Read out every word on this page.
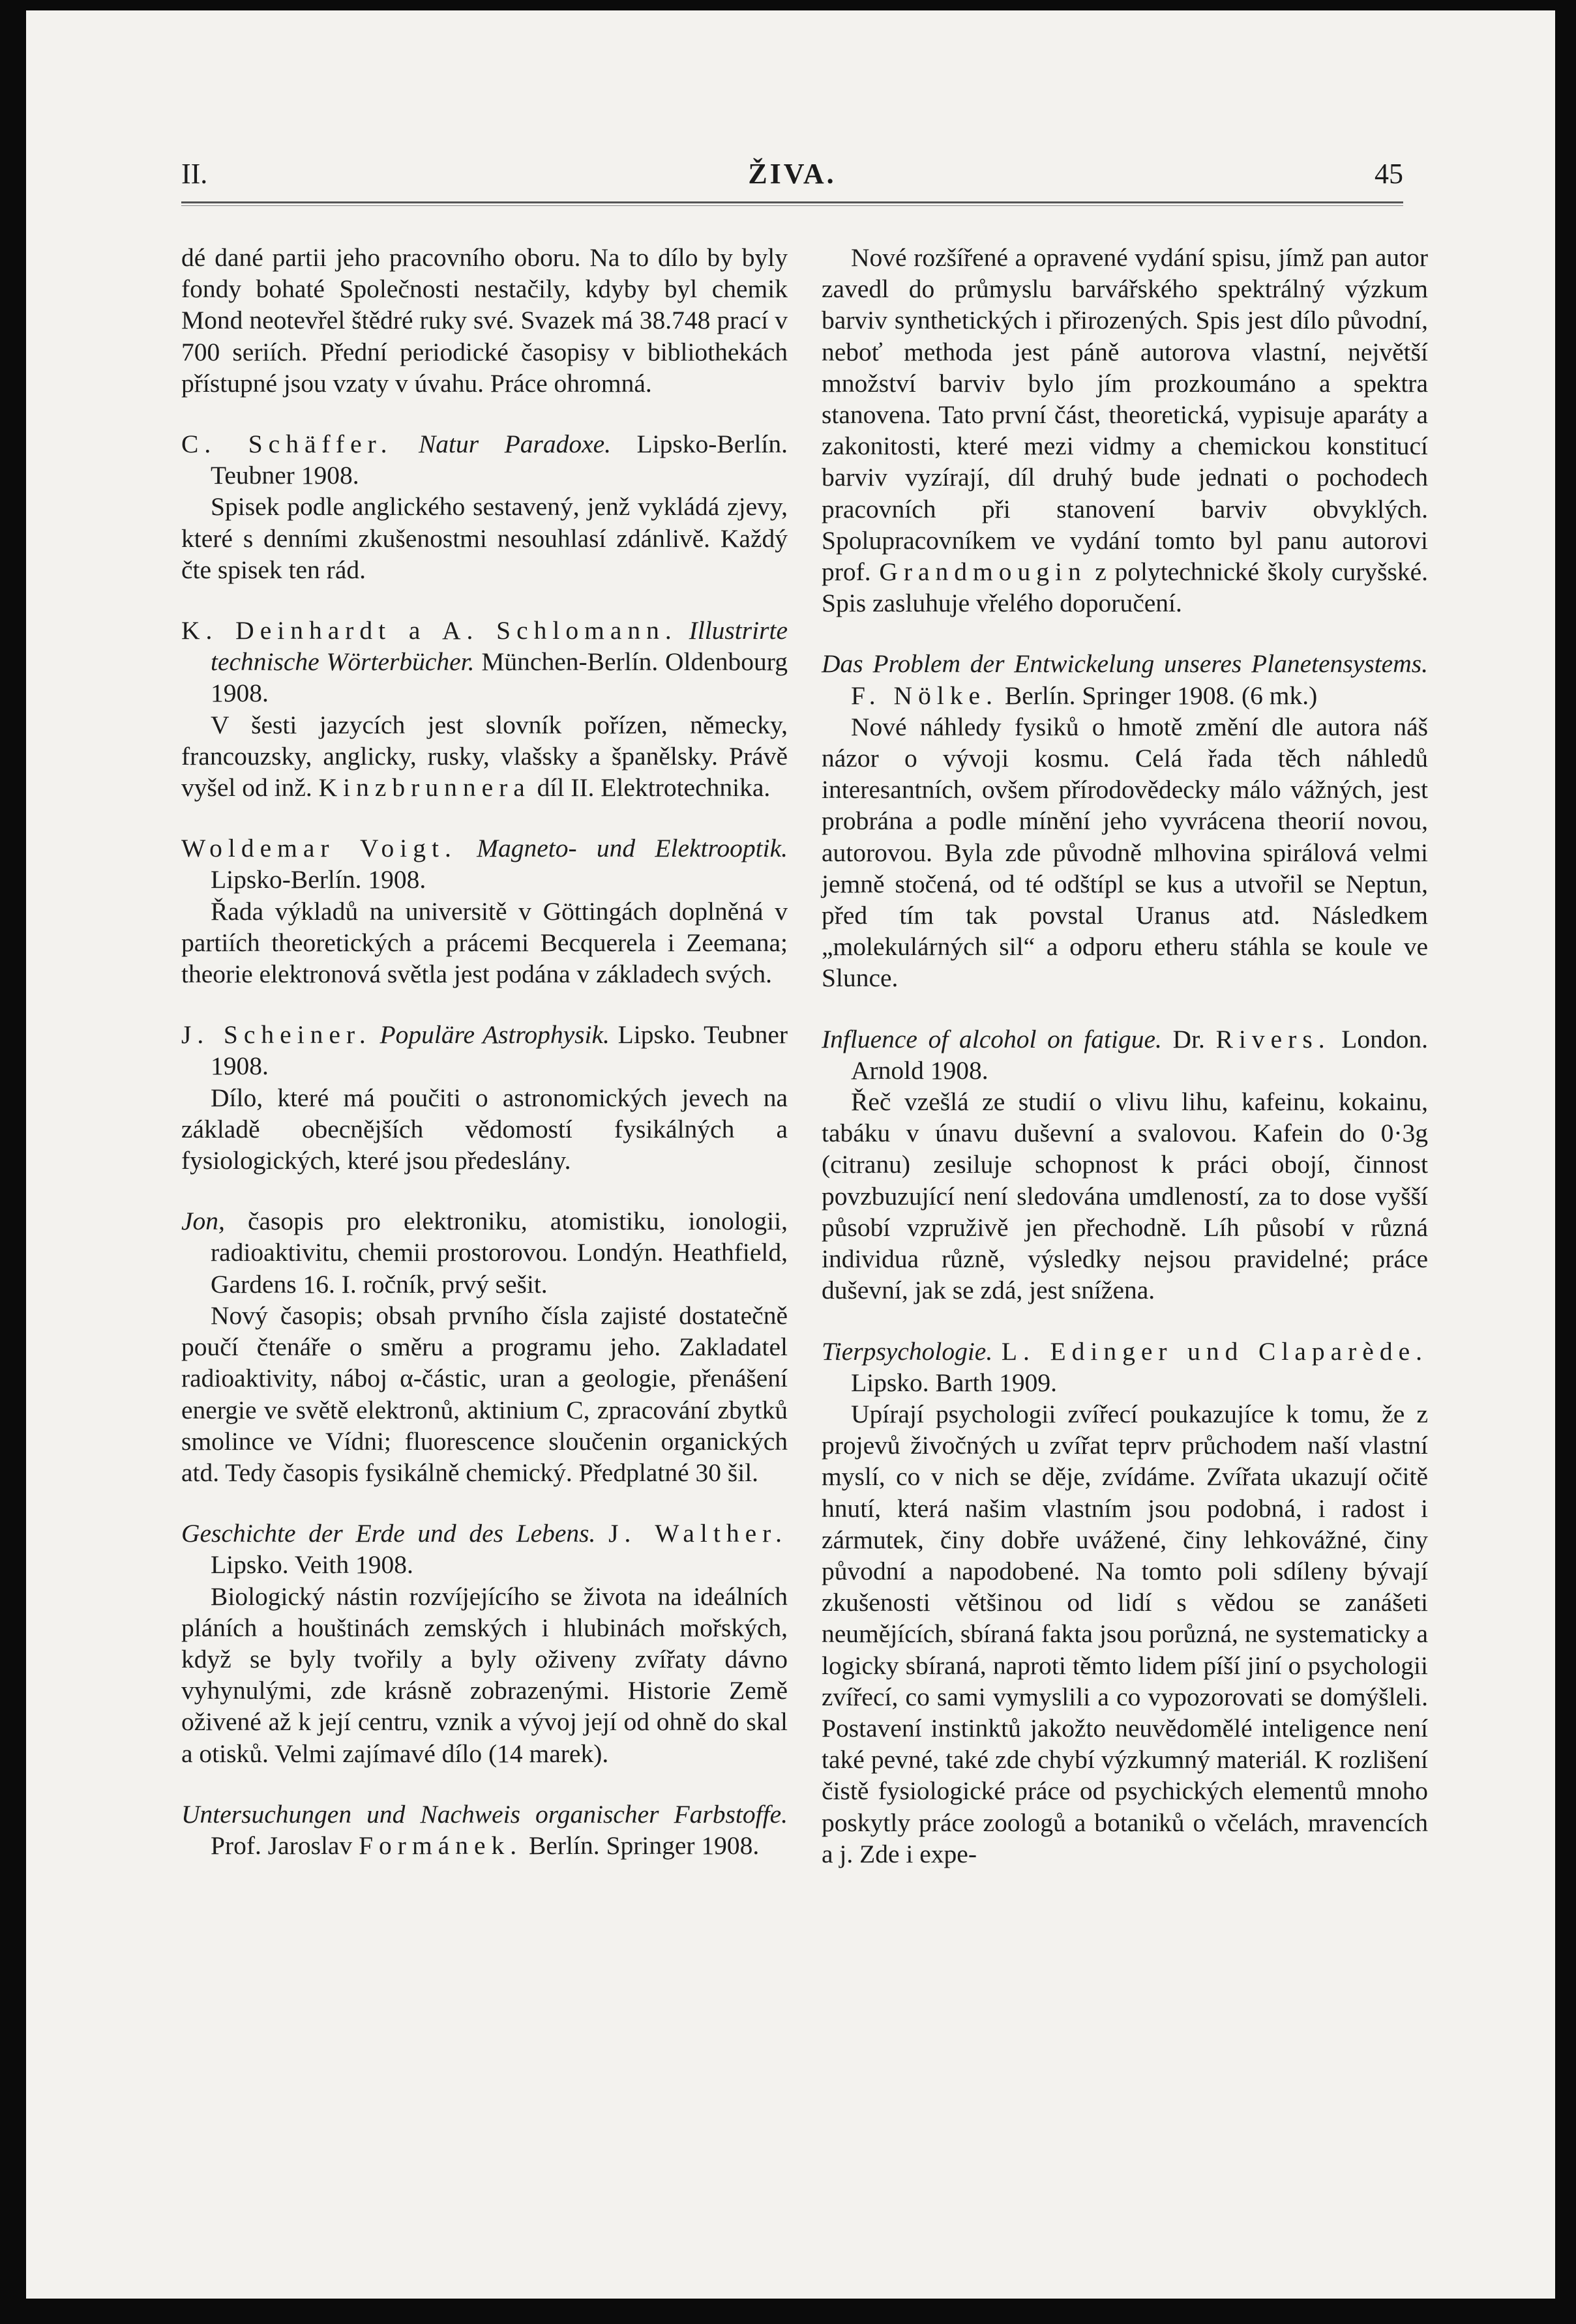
II.	ŽIVA.	45

dé dané partii jeho pracovního oboru. Na to dílo by byly fondy bohaté Společnosti nestačily, kdyby byl chemik Mond neotevřel štědré ruky své. Svazek má 38.748 prací v 700 seriích. Přední periodické časopisy v bibliothekách přístupné jsou vzaty v úvahu. Práce ohromná.

C. Schäffer. Natur Paradoxe. Lipsko-Berlín. Teubner 1908.

Spisek podle anglického sestavený, jenž vykládá zjevy, které s denními zkušenostmi nesouhlasí zdánlivě. Každý čte spisek ten rád.

K. Deinhardt a A. Schlomann. Illustrirte technische Wörterbücher. München-Berlín. Oldenbourg 1908.

V šesti jazycích jest slovník pořízen, německy, francouzsky, anglicky, rusky, vlašsky a španělsky. Právě vyšel od inž. Kinzbrunnera díl II. Elektrotechnika.

Woldemar Voigt. Magneto- und Elektrooptik. Lipsko-Berlín. 1908.

Řada výkladů na universitě v Göttingách doplněná v partiích theoretických a prácemi Becquerela i Zeemana; theorie elektronová světla jest podána v základech svých.

J. Scheiner. Populäre Astrophysik. Lipsko. Teubner 1908.

Dílo, které má poučiti o astronomických jevech na základě obecnějších vědomostí fysikálných a fysiologických, které jsou předeslány.

Jon, časopis pro elektroniku, atomistiku, ionologii, radioaktivitu, chemii prostorovou. Londýn. Heathfield, Gardens 16. I. ročník, prvý sešit.

Nový časopis; obsah prvního čísla zajisté dostatečně poučí čtenáře o směru a programu jeho. Zakladatel radioaktivity, náboj α-částic, uran a geologie, přenášení energie ve světě elektronů, aktinium C, zpracování zbytků smolince ve Vídni; fluorescence sloučenin organických atd. Tedy časopis fysikálně chemický. Předplatné 30 šil.

Geschichte der Erde und des Lebens. J. Walther. Lipsko. Veith 1908.

Biologický nástin rozvíjejícího se života na ideálních pláních a houštinách zemských i hlubinách mořských, když se byly tvořily a byly oživeny zvířaty dávno vyhynulými, zde krásně zobrazenými. Historie Země oživené až k její centru, vznik a vývoj její od ohně do skal a otisků. Velmi zajímavé dílo (14 marek).

Untersuchungen und Nachweis organischer Farbstoffe. Prof. Jaroslav Formánek. Berlín. Springer 1908.

Nové rozšířené a opravené vydání spisu, jímž pan autor zavedl do průmyslu barvářského spektrálný výzkum barviv synthetických i přirozených. Spis jest dílo původní, neboť methoda jest páně autorova vlastní, největší množství barviv bylo jím prozkoumáno a spektra stanovena. Tato první část, theoretická, vypisuje aparáty a zakonitosti, které mezi vidmy a chemickou konstitucí barviv vyzírají, díl druhý bude jednati o pochodech pracovních při stanovení barviv obvyklých. Spolupracovníkem ve vydání tomto byl panu autorovi prof. Grandmougin z polytechnické školy curyšské. Spis zasluhuje vřelého doporučení.

Das Problem der Entwickelung unseres Planetensystems. F. Nölke. Berlín. Springer 1908. (6 mk.)

Nové náhledy fysiků o hmotě změní dle autora náš názor o vývoji kosmu. Celá řada těch náhledů interesantních, ovšem přírodovědecky málo vážných, jest probrána a podle mínění jeho vyvrácena theorií novou, autorovou. Byla zde původně mlhovina spirálová velmi jemně stočená, od té odštípl se kus a utvořil se Neptun, před tím tak povstal Uranus atd. Následkem „molekulárných sil“ a odporu etheru stáhla se koule ve Slunce.

Influence of alcohol on fatigue. Dr. Rivers. London. Arnold 1908.

Řeč vzešlá ze studií o vlivu lihu, kafeinu, kokainu, tabáku v únavu duševní a svalovou. Kafein do 0·3g (citranu) zesiluje schopnost k práci obojí, činnost povzbuzující není sledována umdleností, za to dose vyšší působí vzpruživě jen přechodně. Líh působí v různá individua různě, výsledky nejsou pravidelné; práce duševní, jak se zdá, jest snížena.

Tierpsychologie. L. Edinger und Claparède. Lipsko. Barth 1909.

Upírají psychologii zvířecí poukazujíce k tomu, že z projevů živočných u zvířat teprv průchodem naší vlastní myslí, co v nich se děje, zvídáme. Zvířata ukazují očitě hnutí, která našim vlastním jsou podobná, i radost i zármutek, činy dobře uvážené, činy lehkovážné, činy původní a napodobené. Na tomto poli sdíleny bývají zkušenosti většinou od lidí s vědou se zanášeti neumějících, sbíraná fakta jsou porůzná, ne systematicky a logicky sbíraná, naproti těmto lidem píší jiní o psychologii zvířecí, co sami vymyslili a co vypozorovati se domýšleli. Postavení instinktů jakožto neuvědomělé inteligence není také pevné, také zde chybí výzkumný materiál. K rozlišení čistě fysiologické práce od psychických elementů mnoho poskytly práce zoologů a botaniků o včelách, mravencích a j. Zde i expe-
